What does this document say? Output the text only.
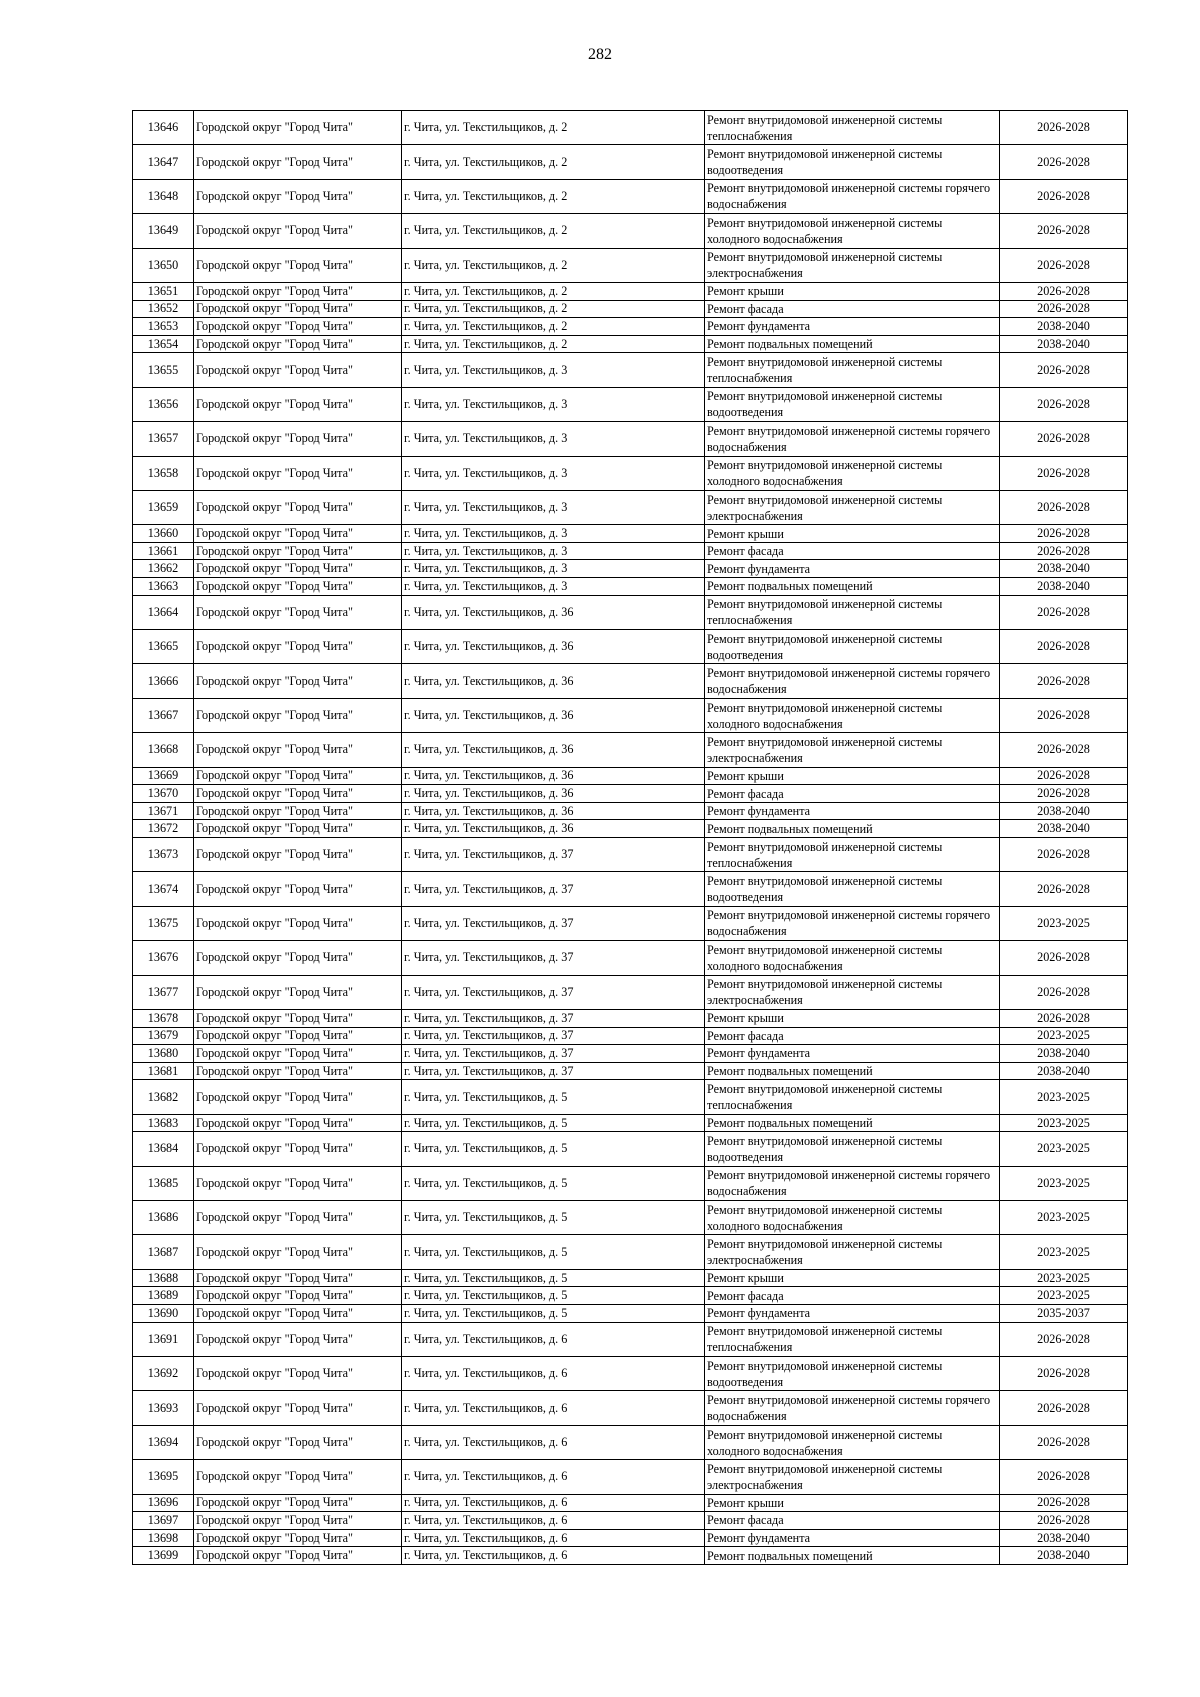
282
13646	Городской округ "Город Чита"	г. Чита, ул. Текстильщиков, д. 2	Ремонт внутридомовой инженерной системы теплоснабжения	2026-2028
13647	Городской округ "Город Чита"	г. Чита, ул. Текстильщиков, д. 2	Ремонт внутридомовой инженерной системы водоотведения	2026-2028
13648	Городской округ "Город Чита"	г. Чита, ул. Текстильщиков, д. 2	Ремонт внутридомовой инженерной системы горячего водоснабжения	2026-2028
13649	Городской округ "Город Чита"	г. Чита, ул. Текстильщиков, д. 2	Ремонт внутридомовой инженерной системы холодного водоснабжения	2026-2028
13650	Городской округ "Город Чита"	г. Чита, ул. Текстильщиков, д. 2	Ремонт внутридомовой инженерной системы электроснабжения	2026-2028
13651	Городской округ "Город Чита"	г. Чита, ул. Текстильщиков, д. 2	Ремонт крыши	2026-2028
13652	Городской округ "Город Чита"	г. Чита, ул. Текстильщиков, д. 2	Ремонт фасада	2026-2028
13653	Городской округ "Город Чита"	г. Чита, ул. Текстильщиков, д. 2	Ремонт фундамента	2038-2040
13654	Городской округ "Город Чита"	г. Чита, ул. Текстильщиков, д. 2	Ремонт подвальных помещений	2038-2040
13655	Городской округ "Город Чита"	г. Чита, ул. Текстильщиков, д. 3	Ремонт внутридомовой инженерной системы теплоснабжения	2026-2028
13656	Городской округ "Город Чита"	г. Чита, ул. Текстильщиков, д. 3	Ремонт внутридомовой инженерной системы водоотведения	2026-2028
13657	Городской округ "Город Чита"	г. Чита, ул. Текстильщиков, д. 3	Ремонт внутридомовой инженерной системы горячего водоснабжения	2026-2028
13658	Городской округ "Город Чита"	г. Чита, ул. Текстильщиков, д. 3	Ремонт внутридомовой инженерной системы холодного водоснабжения	2026-2028
13659	Городской округ "Город Чита"	г. Чита, ул. Текстильщиков, д. 3	Ремонт внутридомовой инженерной системы электроснабжения	2026-2028
13660	Городской округ "Город Чита"	г. Чита, ул. Текстильщиков, д. 3	Ремонт крыши	2026-2028
13661	Городской округ "Город Чита"	г. Чита, ул. Текстильщиков, д. 3	Ремонт фасада	2026-2028
13662	Городской округ "Город Чита"	г. Чита, ул. Текстильщиков, д. 3	Ремонт фундамента	2038-2040
13663	Городской округ "Город Чита"	г. Чита, ул. Текстильщиков, д. 3	Ремонт подвальных помещений	2038-2040
13664	Городской округ "Город Чита"	г. Чита, ул. Текстильщиков, д. 36	Ремонт внутридомовой инженерной системы теплоснабжения	2026-2028
13665	Городской округ "Город Чита"	г. Чита, ул. Текстильщиков, д. 36	Ремонт внутридомовой инженерной системы водоотведения	2026-2028
13666	Городской округ "Город Чита"	г. Чита, ул. Текстильщиков, д. 36	Ремонт внутридомовой инженерной системы горячего водоснабжения	2026-2028
13667	Городской округ "Город Чита"	г. Чита, ул. Текстильщиков, д. 36	Ремонт внутридомовой инженерной системы холодного водоснабжения	2026-2028
13668	Городской округ "Город Чита"	г. Чита, ул. Текстильщиков, д. 36	Ремонт внутридомовой инженерной системы электроснабжения	2026-2028
13669	Городской округ "Город Чита"	г. Чита, ул. Текстильщиков, д. 36	Ремонт крыши	2026-2028
13670	Городской округ "Город Чита"	г. Чита, ул. Текстильщиков, д. 36	Ремонт фасада	2026-2028
13671	Городской округ "Город Чита"	г. Чита, ул. Текстильщиков, д. 36	Ремонт фундамента	2038-2040
13672	Городской округ "Город Чита"	г. Чита, ул. Текстильщиков, д. 36	Ремонт подвальных помещений	2038-2040
13673	Городской округ "Город Чита"	г. Чита, ул. Текстильщиков, д. 37	Ремонт внутридомовой инженерной системы теплоснабжения	2026-2028
13674	Городской округ "Город Чита"	г. Чита, ул. Текстильщиков, д. 37	Ремонт внутридомовой инженерной системы водоотведения	2026-2028
13675	Городской округ "Город Чита"	г. Чита, ул. Текстильщиков, д. 37	Ремонт внутридомовой инженерной системы горячего водоснабжения	2023-2025
13676	Городской округ "Город Чита"	г. Чита, ул. Текстильщиков, д. 37	Ремонт внутридомовой инженерной системы холодного водоснабжения	2026-2028
13677	Городской округ "Город Чита"	г. Чита, ул. Текстильщиков, д. 37	Ремонт внутридомовой инженерной системы электроснабжения	2026-2028
13678	Городской округ "Город Чита"	г. Чита, ул. Текстильщиков, д. 37	Ремонт крыши	2026-2028
13679	Городской округ "Город Чита"	г. Чита, ул. Текстильщиков, д. 37	Ремонт фасада	2023-2025
13680	Городской округ "Город Чита"	г. Чита, ул. Текстильщиков, д. 37	Ремонт фундамента	2038-2040
13681	Городской округ "Город Чита"	г. Чита, ул. Текстильщиков, д. 37	Ремонт подвальных помещений	2038-2040
13682	Городской округ "Город Чита"	г. Чита, ул. Текстильщиков, д. 5	Ремонт внутридомовой инженерной системы теплоснабжения	2023-2025
13683	Городской округ "Город Чита"	г. Чита, ул. Текстильщиков, д. 5	Ремонт подвальных помещений	2023-2025
13684	Городской округ "Город Чита"	г. Чита, ул. Текстильщиков, д. 5	Ремонт внутридомовой инженерной системы водоотведения	2023-2025
13685	Городской округ "Город Чита"	г. Чита, ул. Текстильщиков, д. 5	Ремонт внутридомовой инженерной системы горячего водоснабжения	2023-2025
13686	Городской округ "Город Чита"	г. Чита, ул. Текстильщиков, д. 5	Ремонт внутридомовой инженерной системы холодного водоснабжения	2023-2025
13687	Городской округ "Город Чита"	г. Чита, ул. Текстильщиков, д. 5	Ремонт внутридомовой инженерной системы электроснабжения	2023-2025
13688	Городской округ "Город Чита"	г. Чита, ул. Текстильщиков, д. 5	Ремонт крыши	2023-2025
13689	Городской округ "Город Чита"	г. Чита, ул. Текстильщиков, д. 5	Ремонт фасада	2023-2025
13690	Городской округ "Город Чита"	г. Чита, ул. Текстильщиков, д. 5	Ремонт фундамента	2035-2037
13691	Городской округ "Город Чита"	г. Чита, ул. Текстильщиков, д. 6	Ремонт внутридомовой инженерной системы теплоснабжения	2026-2028
13692	Городской округ "Город Чита"	г. Чита, ул. Текстильщиков, д. 6	Ремонт внутридомовой инженерной системы водоотведения	2026-2028
13693	Городской округ "Город Чита"	г. Чита, ул. Текстильщиков, д. 6	Ремонт внутридомовой инженерной системы горячего водоснабжения	2026-2028
13694	Городской округ "Город Чита"	г. Чита, ул. Текстильщиков, д. 6	Ремонт внутридомовой инженерной системы холодного водоснабжения	2026-2028
13695	Городской округ "Город Чита"	г. Чита, ул. Текстильщиков, д. 6	Ремонт внутридомовой инженерной системы электроснабжения	2026-2028
13696	Городской округ "Город Чита"	г. Чита, ул. Текстильщиков, д. 6	Ремонт крыши	2026-2028
13697	Городской округ "Город Чита"	г. Чита, ул. Текстильщиков, д. 6	Ремонт фасада	2026-2028
13698	Городской округ "Город Чита"	г. Чита, ул. Текстильщиков, д. 6	Ремонт фундамента	2038-2040
13699	Городской округ "Город Чита"	г. Чита, ул. Текстильщиков, д. 6	Ремонт подвальных помещений	2038-2040
